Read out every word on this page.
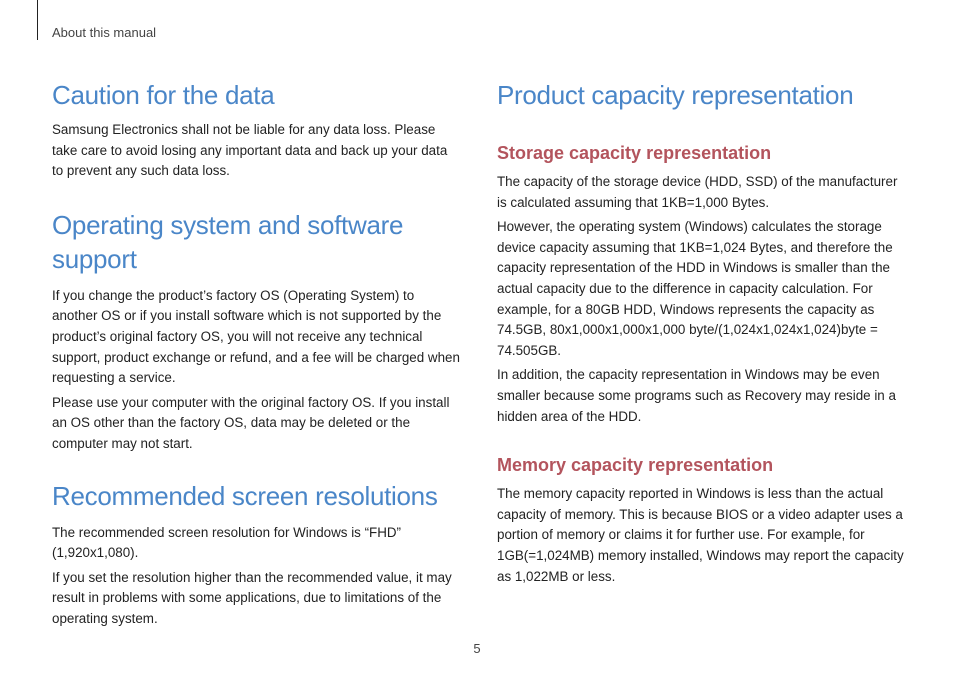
About this manual
Caution for the data

Samsung Electronics shall not be liable for any data loss. Please take care to avoid losing any important data and back up your data to prevent any such data loss.

Operating system and software support

If you change the product’s factory OS (Operating System) to another OS or if you install software which is not supported by the product’s original factory OS, you will not receive any technical support, product exchange or refund, and a fee will be charged when requesting a service.

Please use your computer with the original factory OS. If you install an OS other than the factory OS, data may be deleted or the computer may not start.

Recommended screen resolutions

The recommended screen resolution for Windows is “FHD” (1,920x1,080).

If you set the resolution higher than the recommended value, it may result in problems with some applications, due to limitations of the operating system.

Product capacity representation
Storage capacity representation

The capacity of the storage device (HDD, SSD) of the manufacturer is calculated assuming that 1KB=1,000 Bytes.

However, the operating system (Windows) calculates the storage device capacity assuming that 1KB=1,024 Bytes, and therefore the capacity representation of the HDD in Windows is smaller than the actual capacity due to the difference in capacity calculation. For example, for a 80GB HDD, Windows represents the capacity as 74.5GB, 80x1,000x1,000x1,000 byte/(1,024x1,024x1,024)byte = 74.505GB.

In addition, the capacity representation in Windows may be even smaller because some programs such as Recovery may reside in a hidden area of the HDD.

Memory capacity representation

The memory capacity reported in Windows is less than the actual capacity of memory. This is because BIOS or a video adapter uses a portion of memory or claims it for further use. For example, for 1GB(=1,024MB) memory installed, Windows may report the capacity as 1,022MB or less.

5
